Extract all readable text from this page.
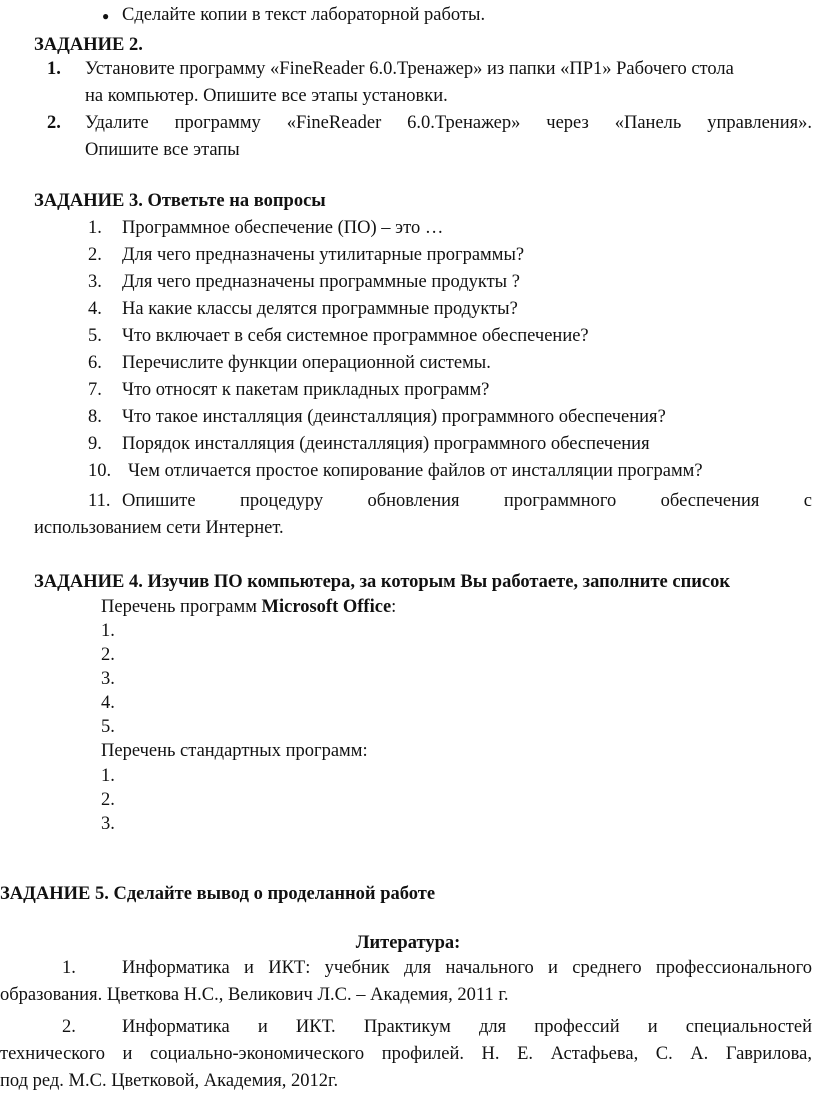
● Сделайте копии в текст лабораторной работы.
ЗАДАНИЕ 2.
1. Установите программу «FineReader 6.0.Тренажер» из папки «ПР1» Рабочего стола
на компьютер. Опишите все этапы установки.
2. Удалите программу «FineReader 6.0.Тренажер» через «Панель управления».
Опишите все этапы
ЗАДАНИЕ 3. Ответьте на вопросы
1. Программное обеспечение (ПО) – это …
2. Для чего предназначены утилитарные программы?
3. Для чего предназначены программные продукты ?
4. На какие классы делятся программные продукты?
5. Что включает в себя системное программное обеспечение?
6. Перечислите функции операционной системы.
7. Что относят к пакетам прикладных программ?
8. Что такое инсталляция (деинсталляция) программного обеспечения?
9. Порядок инсталляция (деинсталляция) программного обеспечения
10. Чем отличается простое копирование файлов от инсталляции программ?
11. Опишите процедуру обновления программного обеспечения с
использованием сети Интернет.
ЗАДАНИЕ 4. Изучив ПО компьютера, за которым Вы работаете, заполните список
Перечень программ Microsoft Office:
1.
2.
3.
4.
5.
Перечень стандартных программ:
1.
2.
3.
ЗАДАНИЕ 5. Сделайте вывод о проделанной работе
Литература:
1. Информатика и ИКТ: учебник для начального и среднего профессионального
образования. Цветкова Н.С., Великович Л.С. – Академия, 2011 г.
2. Информатика и ИКТ. Практикум для профессий и специальностей
технического и социально-экономического профилей. Н. Е. Астафьева, С. А. Гаврилова,
под ред. М.С. Цветковой, Академия, 2012г.
